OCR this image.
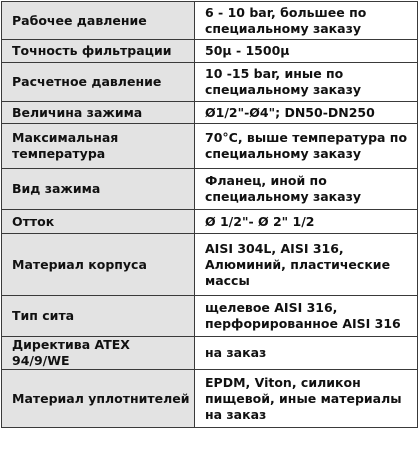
Рабочее давление	6 - 10 bar, большее по специальному заказу
Точность фильтрации	50µ - 1500µ
Расчетное давление	10 -15 bar, иные по специальному заказу
Величина зажима	Ø1/2"-Ø4"; DN50-DN250
Максимальная температура	70°C, выше температура по специальному заказу
Вид зажима	Фланец, иной по специальному заказу
Отток	Ø 1/2"- Ø 2" 1/2
Материал корпуса	AISI 304L, AISI 316, Алюминий, пластические массы
Тип сита	щелевое AISI 316, перфорированное AISI 316
Директива ATEX 94/9/WE	на заказ
Материал уплотнителей	EPDM, Viton, силикон пищевой, иные материалы на заказ
